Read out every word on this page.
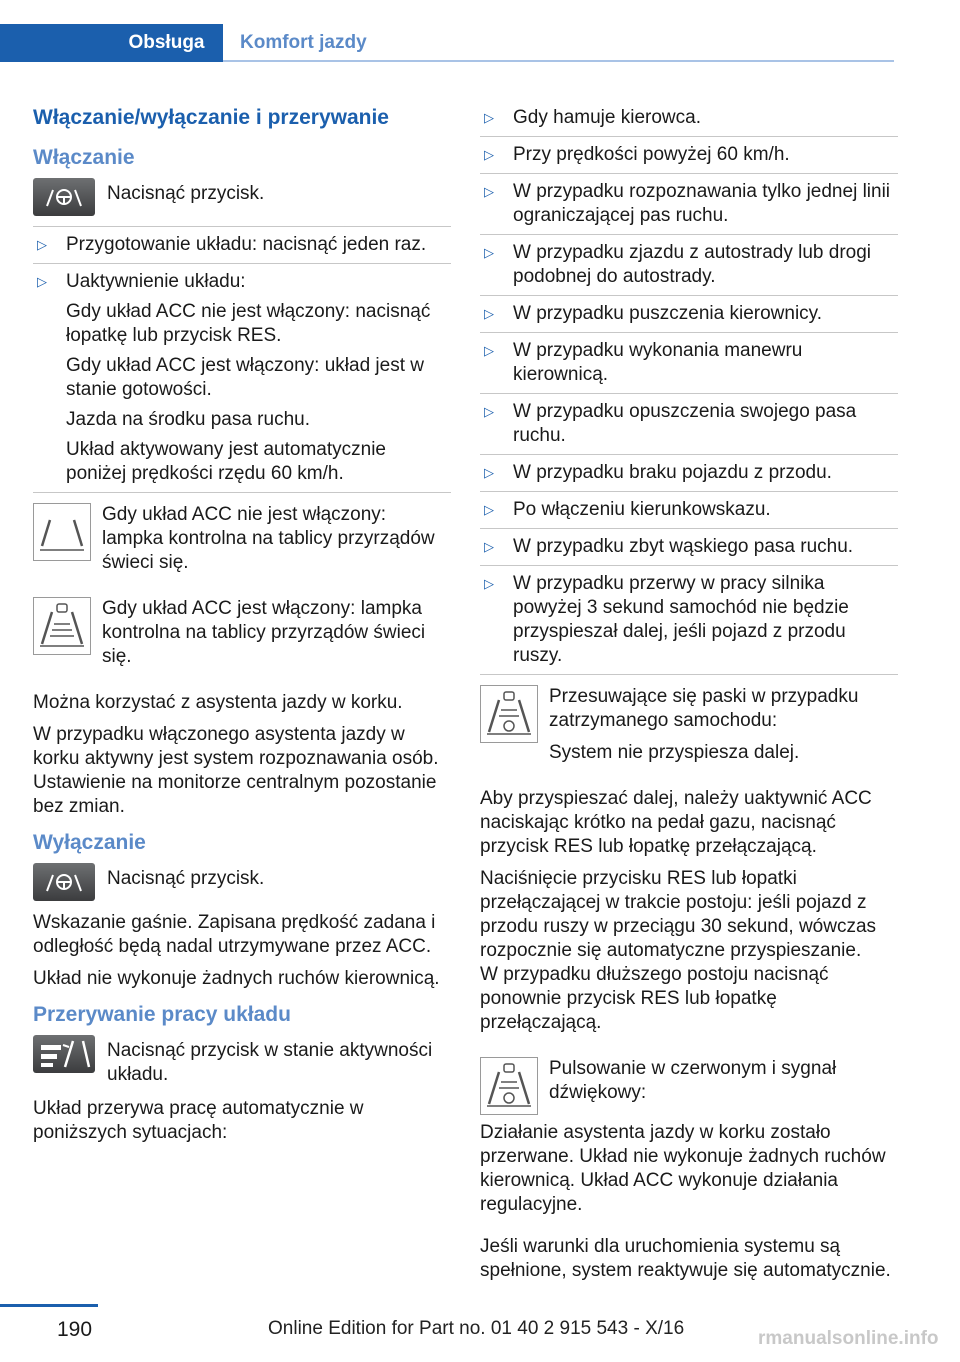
Obsługa Komfort jazdy
Włączanie/wyłączanie i przerywanie
Włączanie
Nacisnąć przycisk.

▷ Przygotowanie układu: nacisnąć jeden raz.

▷ Uaktywnienie układu:

Gdy układ ACC nie jest włączony: nacisnąć łopatkę lub przycisk RES.

Gdy układ ACC jest włączony: układ jest w stanie gotowości.

Jazda na środku pasa ruchu.

Układ aktywowany jest automatycznie poniżej prędkości rzędu 60 km/h.

Gdy układ ACC nie jest włączony: lampka kontrolna na tablicy przyrządów świeci się.

Gdy układ ACC jest włączony: lampka kontrolna na tablicy przyrządów świeci się.

Można korzystać z asystenta jazdy w korku.

W przypadku włączonego asystenta jazdy w korku aktywny jest system rozpoznawania osób. Ustawienie na monitorze centralnym pozostanie bez zmian.

Wyłączanie
Nacisnąć przycisk.

Wskazanie gaśnie. Zapisana prędkość zadana i odległość będą nadal utrzymywane przez ACC.

Układ nie wykonuje żadnych ruchów kierownicą.

Przerywanie pracy układu
Nacisnąć przycisk w stanie aktywności układu.

Układ przerywa pracę automatycznie w poniższych sytuacjach:

▷ Gdy hamuje kierowca.

▷ Przy prędkości powyżej 60 km/h.

▷ W przypadku rozpoznawania tylko jednej linii ograniczającej pas ruchu.

▷ W przypadku zjazdu z autostrady lub drogi podobnej do autostrady.

▷ W przypadku puszczenia kierownicy.

▷ W przypadku wykonania manewru kierownicą.

▷ W przypadku opuszczenia swojego pasa ruchu.

▷ W przypadku braku pojazdu z przodu.

▷ Po włączeniu kierunkowskazu.

▷ W przypadku zbyt wąskiego pasa ruchu.

▷ W przypadku przerwy w pracy silnika powyżej 3 sekund samochód nie będzie przyspieszał dalej, jeśli pojazd z przodu ruszy.

Przesuwające się paski w przypadku zatrzymanego samochodu:

System nie przyspiesza dalej.

Aby przyspieszać dalej, należy uaktywnić ACC naciskając krótko na pedał gazu, nacisnąć przycisk RES lub łopatkę przełączającą.

Naciśnięcie przycisku RES lub łopatki przełączającej w trakcie postoju: jeśli pojazd z przodu ruszy w przeciągu 30 sekund, wówczas rozpocznie się automatyczne przyspieszanie.

W przypadku dłuższego postoju nacisnąć ponownie przycisk RES lub łopatkę przełączającą.

Pulsowanie w czerwonym i sygnał dźwiękowy:

Działanie asystenta jazdy w korku zostało przerwane. Układ nie wykonuje żadnych ruchów kierownicą. Układ ACC wykonuje działania regulacyjne.

Jeśli warunki dla uruchomienia systemu są spełnione, system reaktywuje się automatycznie.

190	Online Edition for Part no. 01 40 2 915 543 - X/16	rmanualsonline.info
